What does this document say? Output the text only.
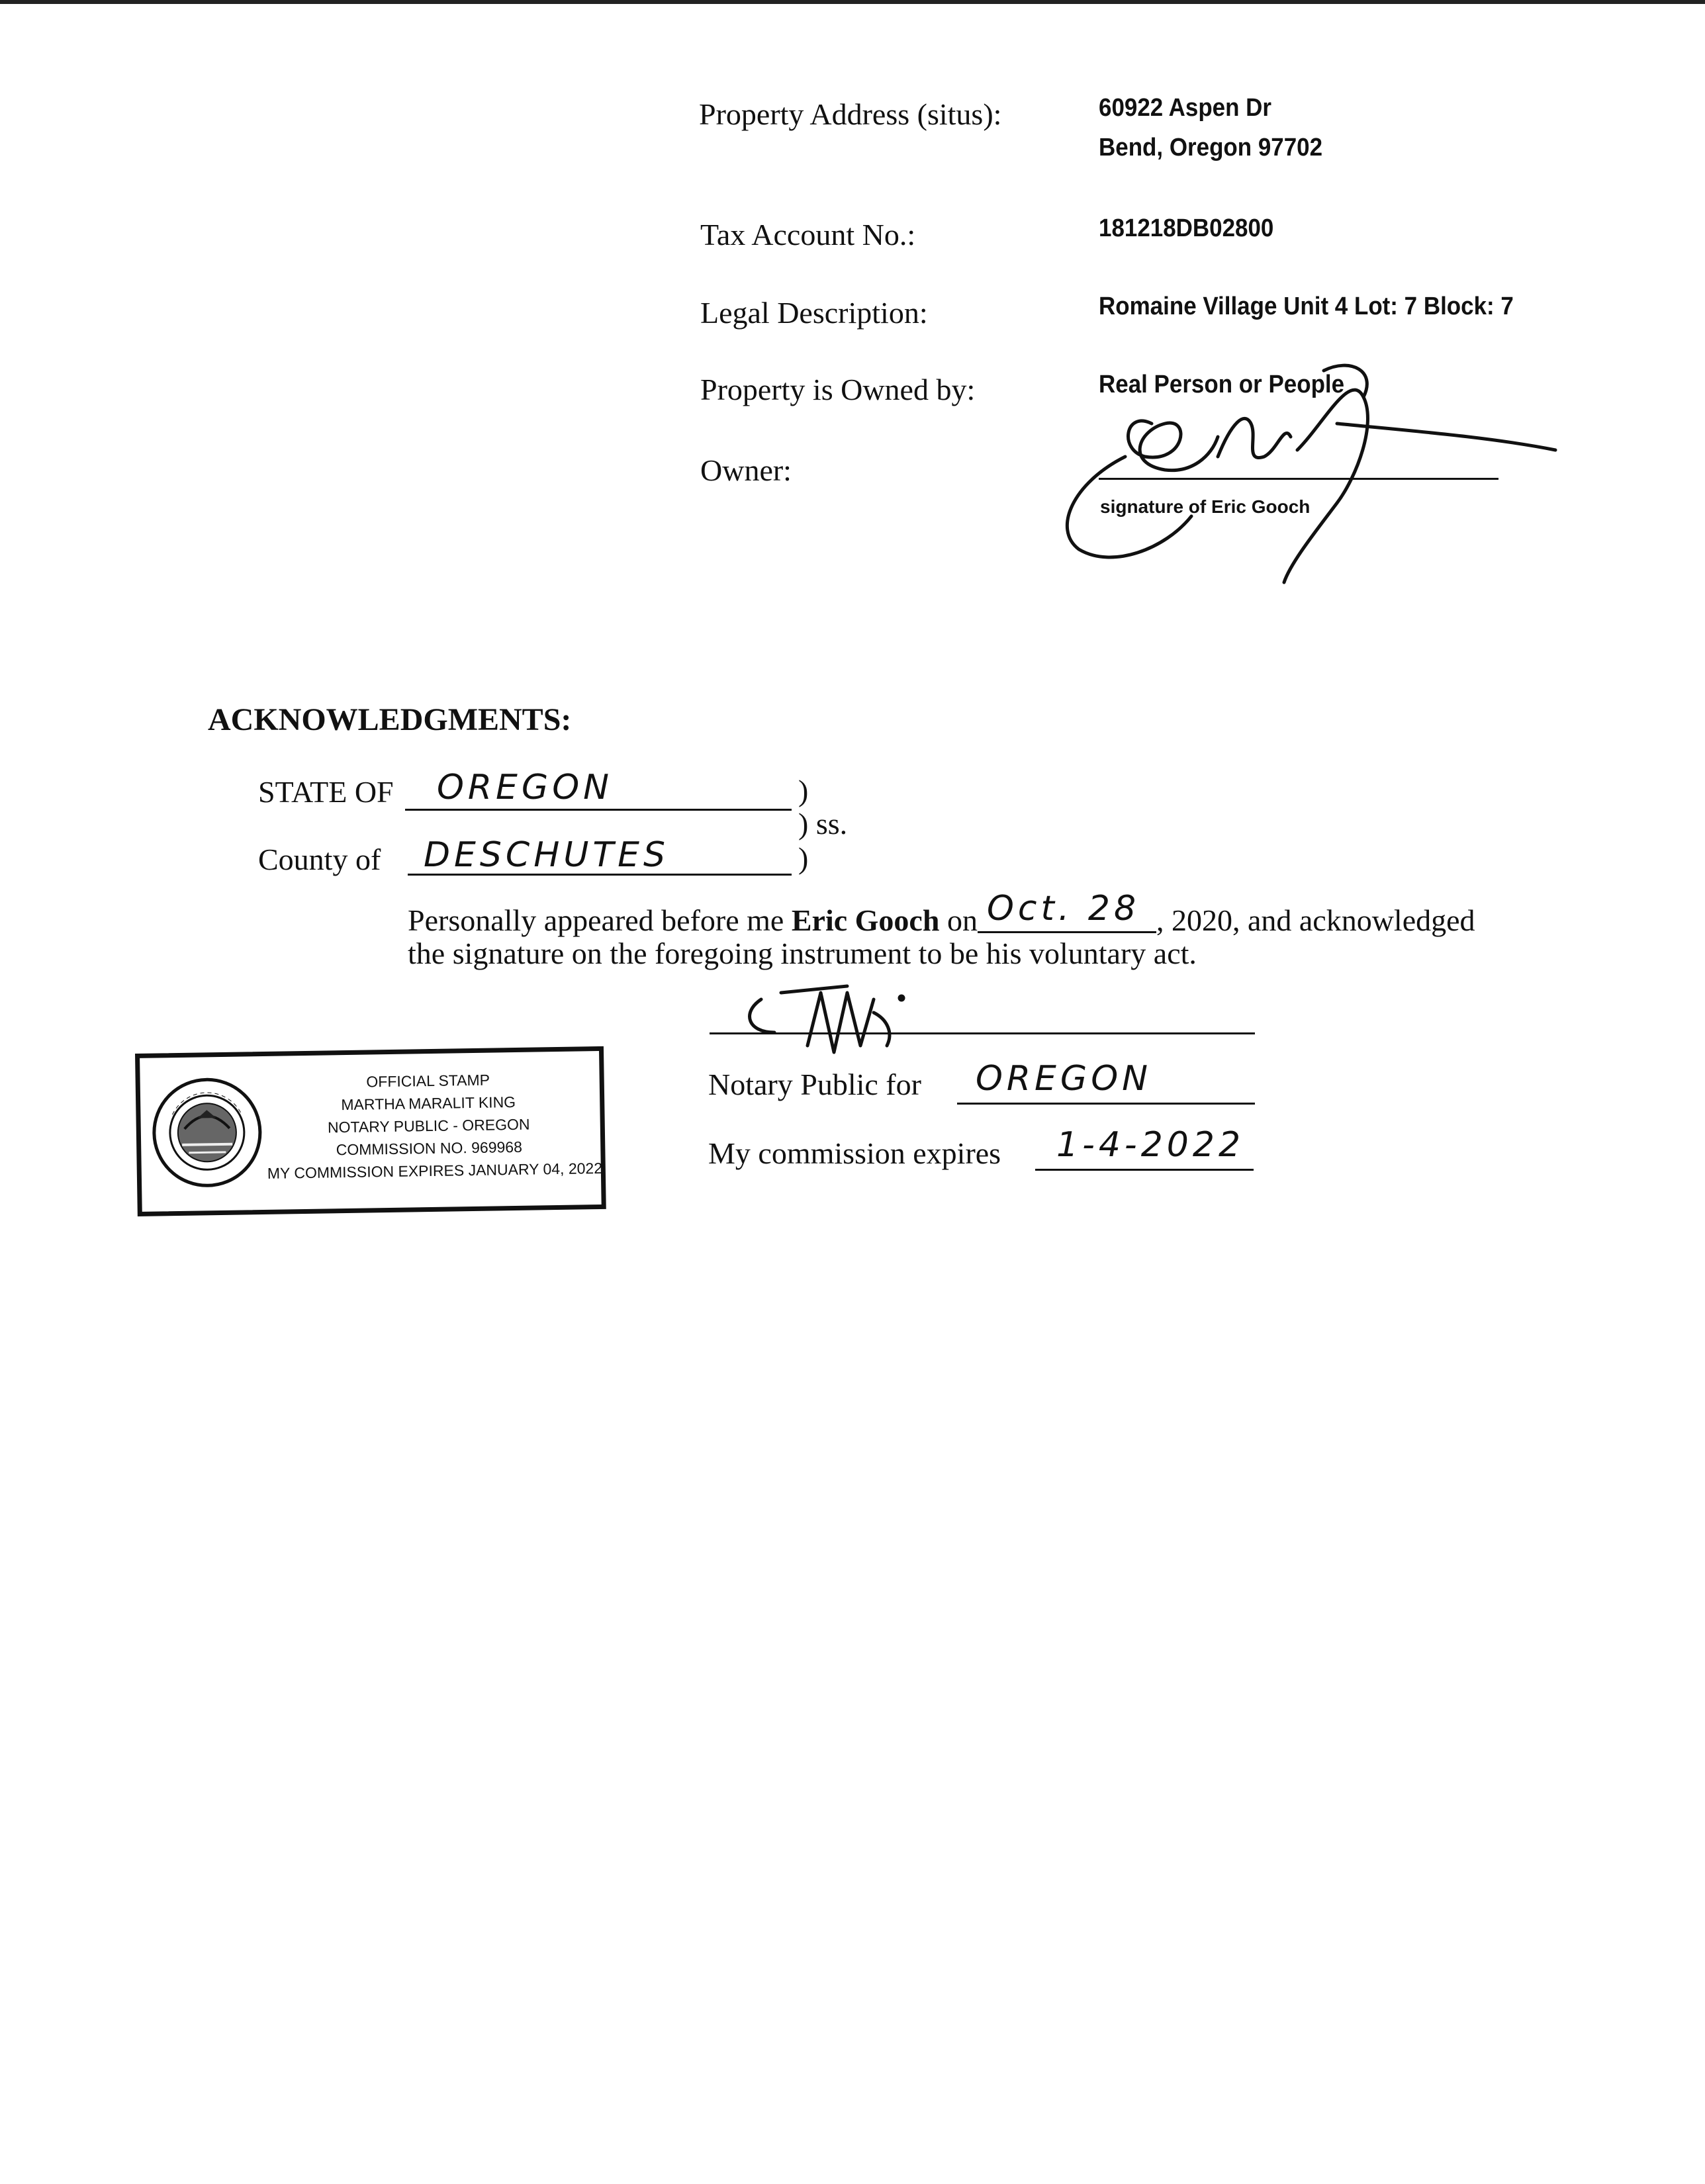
Property Address (situs):	60922 Aspen Dr
Bend, Oregon 97702
Tax Account No.:	181218DB02800
Legal Description:	Romaine Village Unit 4 Lot: 7 Block: 7
Property is Owned by:	Real Person or People
Owner:
signature of Eric Gooch
ACKNOWLEDGMENTS:
STATE OF OREGON	)
) ss.
County of DESCHUTES	)
Personally appeared before me Eric Gooch on Oct. 28 , 2020, and acknowledged
the signature on the foregoing instrument to be his voluntary act.
Notary Public for OREGON
My commission expires 1-4-2022
OFFICIAL STAMP
MARTHA MARALIT KING
NOTARY PUBLIC - OREGON
COMMISSION NO. 969968
MY COMMISSION EXPIRES JANUARY 04, 2022
